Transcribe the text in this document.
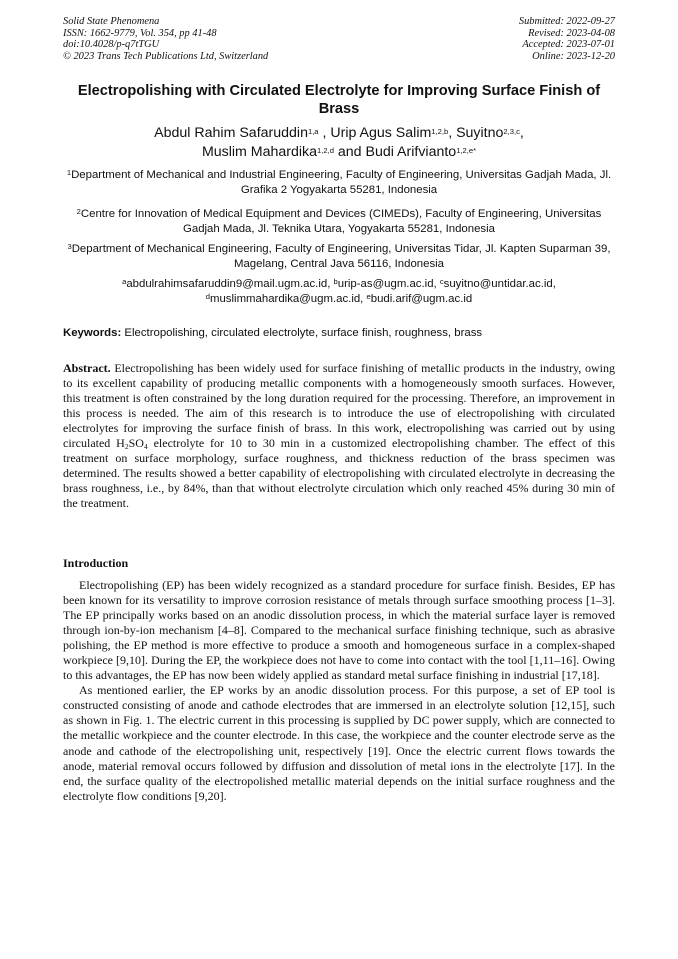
Solid State Phenomena
ISSN: 1662-9779, Vol. 354, pp 41-48
doi:10.4028/p-q7tTGU
© 2023 Trans Tech Publications Ltd, Switzerland
Submitted: 2022-09-27
Revised: 2023-04-08
Accepted: 2023-07-01
Online: 2023-12-20
Electropolishing with Circulated Electrolyte for Improving Surface Finish of Brass
Abdul Rahim Safaruddin$^{1,a}$ , Urip Agus Salim$^{1,2,b}$, Suyitno$^{2,3,c}$,
Muslim Mahardika$^{1,2,d}$ and Budi Arifvianto$^{1,2,e*}$
$^1$Department of Mechanical and Industrial Engineering, Faculty of Engineering, Universitas Gadjah Mada, Jl. Grafika 2 Yogyakarta 55281, Indonesia
$^2$Centre for Innovation of Medical Equipment and Devices (CIMEDs), Faculty of Engineering, Universitas Gadjah Mada, Jl. Teknika Utara, Yogyakarta 55281, Indonesia
$^3$Department of Mechanical Engineering, Faculty of Engineering, Universitas Tidar, Jl. Kapten Suparman 39, Magelang, Central Java 56116, Indonesia
$^a$abdulrahimsafaruddin9@mail.ugm.ac.id, $^b$urip-as@ugm.ac.id, $^c$suyitno@untidar.ac.id,
$^d$muslimmahardika@ugm.ac.id, $^e$budi.arif@ugm.ac.id
Keywords: Electropolishing, circulated electrolyte, surface finish, roughness, brass
Abstract. Electropolishing has been widely used for surface finishing of metallic products in the industry, owing to its excellent capability of producing metallic components with a homogeneously smooth surfaces. However, this treatment is often constrained by the long duration required for the processing. Therefore, an improvement in this process is needed. The aim of this research is to introduce the use of electropolishing with circulated electrolytes for improving the surface finish of brass. In this work, electropolishing was carried out by using circulated $H_2SO_4$ electrolyte for 10 to 30 min in a customized electropolishing chamber. The effect of this treatment on surface morphology, surface roughness, and thickness reduction of the brass specimen was determined. The results showed a better capability of electropolishing with circulated electrolyte in decreasing the brass roughness, i.e., by 84%, than that without electrolyte circulation which only reached 45% during 30 min of the treatment.
Introduction

Electropolishing (EP) has been widely recognized as a standard procedure for surface finish. Besides, EP has been known for its versatility to improve corrosion resistance of metals through surface smoothing process [1–3]. The EP principally works based on an anodic dissolution process, in which the material surface layer is removed through ion-by-ion mechanism [4–8]. Compared to the mechanical surface finishing technique, such as abrasive polishing, the EP method is more effective to produce a smooth and homogeneous surface in a complex-shaped workpiece [9,10]. During the EP, the workpiece does not have to come into contact with the tool [1,11–16]. Owing to this advantages, the EP has now been widely applied as standard metal surface finishing in industrial [17,18].

As mentioned earlier, the EP works by an anodic dissolution process. For this purpose, a set of EP tool is constructed consisting of anode and cathode electrodes that are immersed in an electrolyte solution [12,15], such as shown in Fig. 1. The electric current in this processing is supplied by DC power supply, which are connected to the metallic workpiece and the counter electrode. In this case, the workpiece and the counter electrode serve as the anode and cathode of the electropolishing unit, respectively [19]. Once the electric current flows towards the anode, material removal occurs followed by diffusion and dissolution of metal ions in the electrolyte [17]. In the end, the surface quality of the electropolished metallic material depends on the initial surface roughness and the electrolyte flow conditions [9,20].
